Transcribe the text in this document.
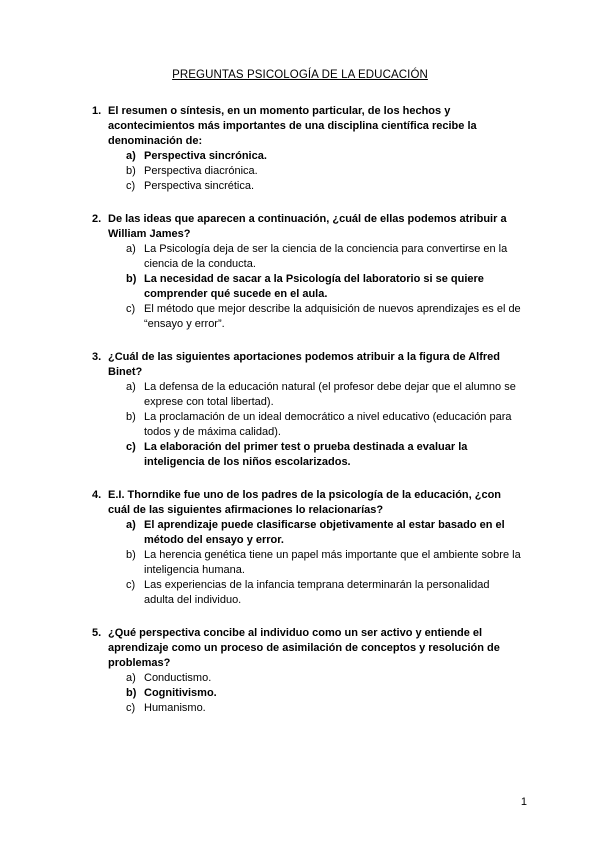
PREGUNTAS PSICOLOGÍA DE LA EDUCACIÓN
1. El resumen o síntesis, en un momento particular, de los hechos y acontecimientos más importantes de una disciplina científica recibe la denominación de:
a) Perspectiva sincrónica.
b) Perspectiva diacrónica.
c) Perspectiva sincrética.
2. De las ideas que aparecen a continuación, ¿cuál de ellas podemos atribuir a William James?
a) La Psicología deja de ser la ciencia de la conciencia para convertirse en la ciencia de la conducta.
b) La necesidad de sacar a la Psicología del laboratorio si se quiere comprender qué sucede en el aula.
c) El método que mejor describe la adquisición de nuevos aprendizajes es el de “ensayo y error”.
3. ¿Cuál de las siguientes aportaciones podemos atribuir a la figura de Alfred Binet?
a) La defensa de la educación natural (el profesor debe dejar que el alumno se exprese con total libertad).
b) La proclamación de un ideal democrático a nivel educativo (educación para todos y de máxima calidad).
c) La elaboración del primer test o prueba destinada a evaluar la inteligencia de los niños escolarizados.
4. E.I. Thorndike fue uno de los padres de la psicología de la educación, ¿con cuál de las siguientes afirmaciones lo relacionarías?
a) El aprendizaje puede clasificarse objetivamente al estar basado en el método del ensayo y error.
b) La herencia genética tiene un papel más importante que el ambiente sobre la inteligencia humana.
c) Las experiencias de la infancia temprana determinarán la personalidad adulta del individuo.
5. ¿Qué perspectiva concibe al individuo como un ser activo y entiende el aprendizaje como un proceso de asimilación de conceptos y resolución de problemas?
a) Conductismo.
b) Cognitivismo.
c) Humanismo.
1
